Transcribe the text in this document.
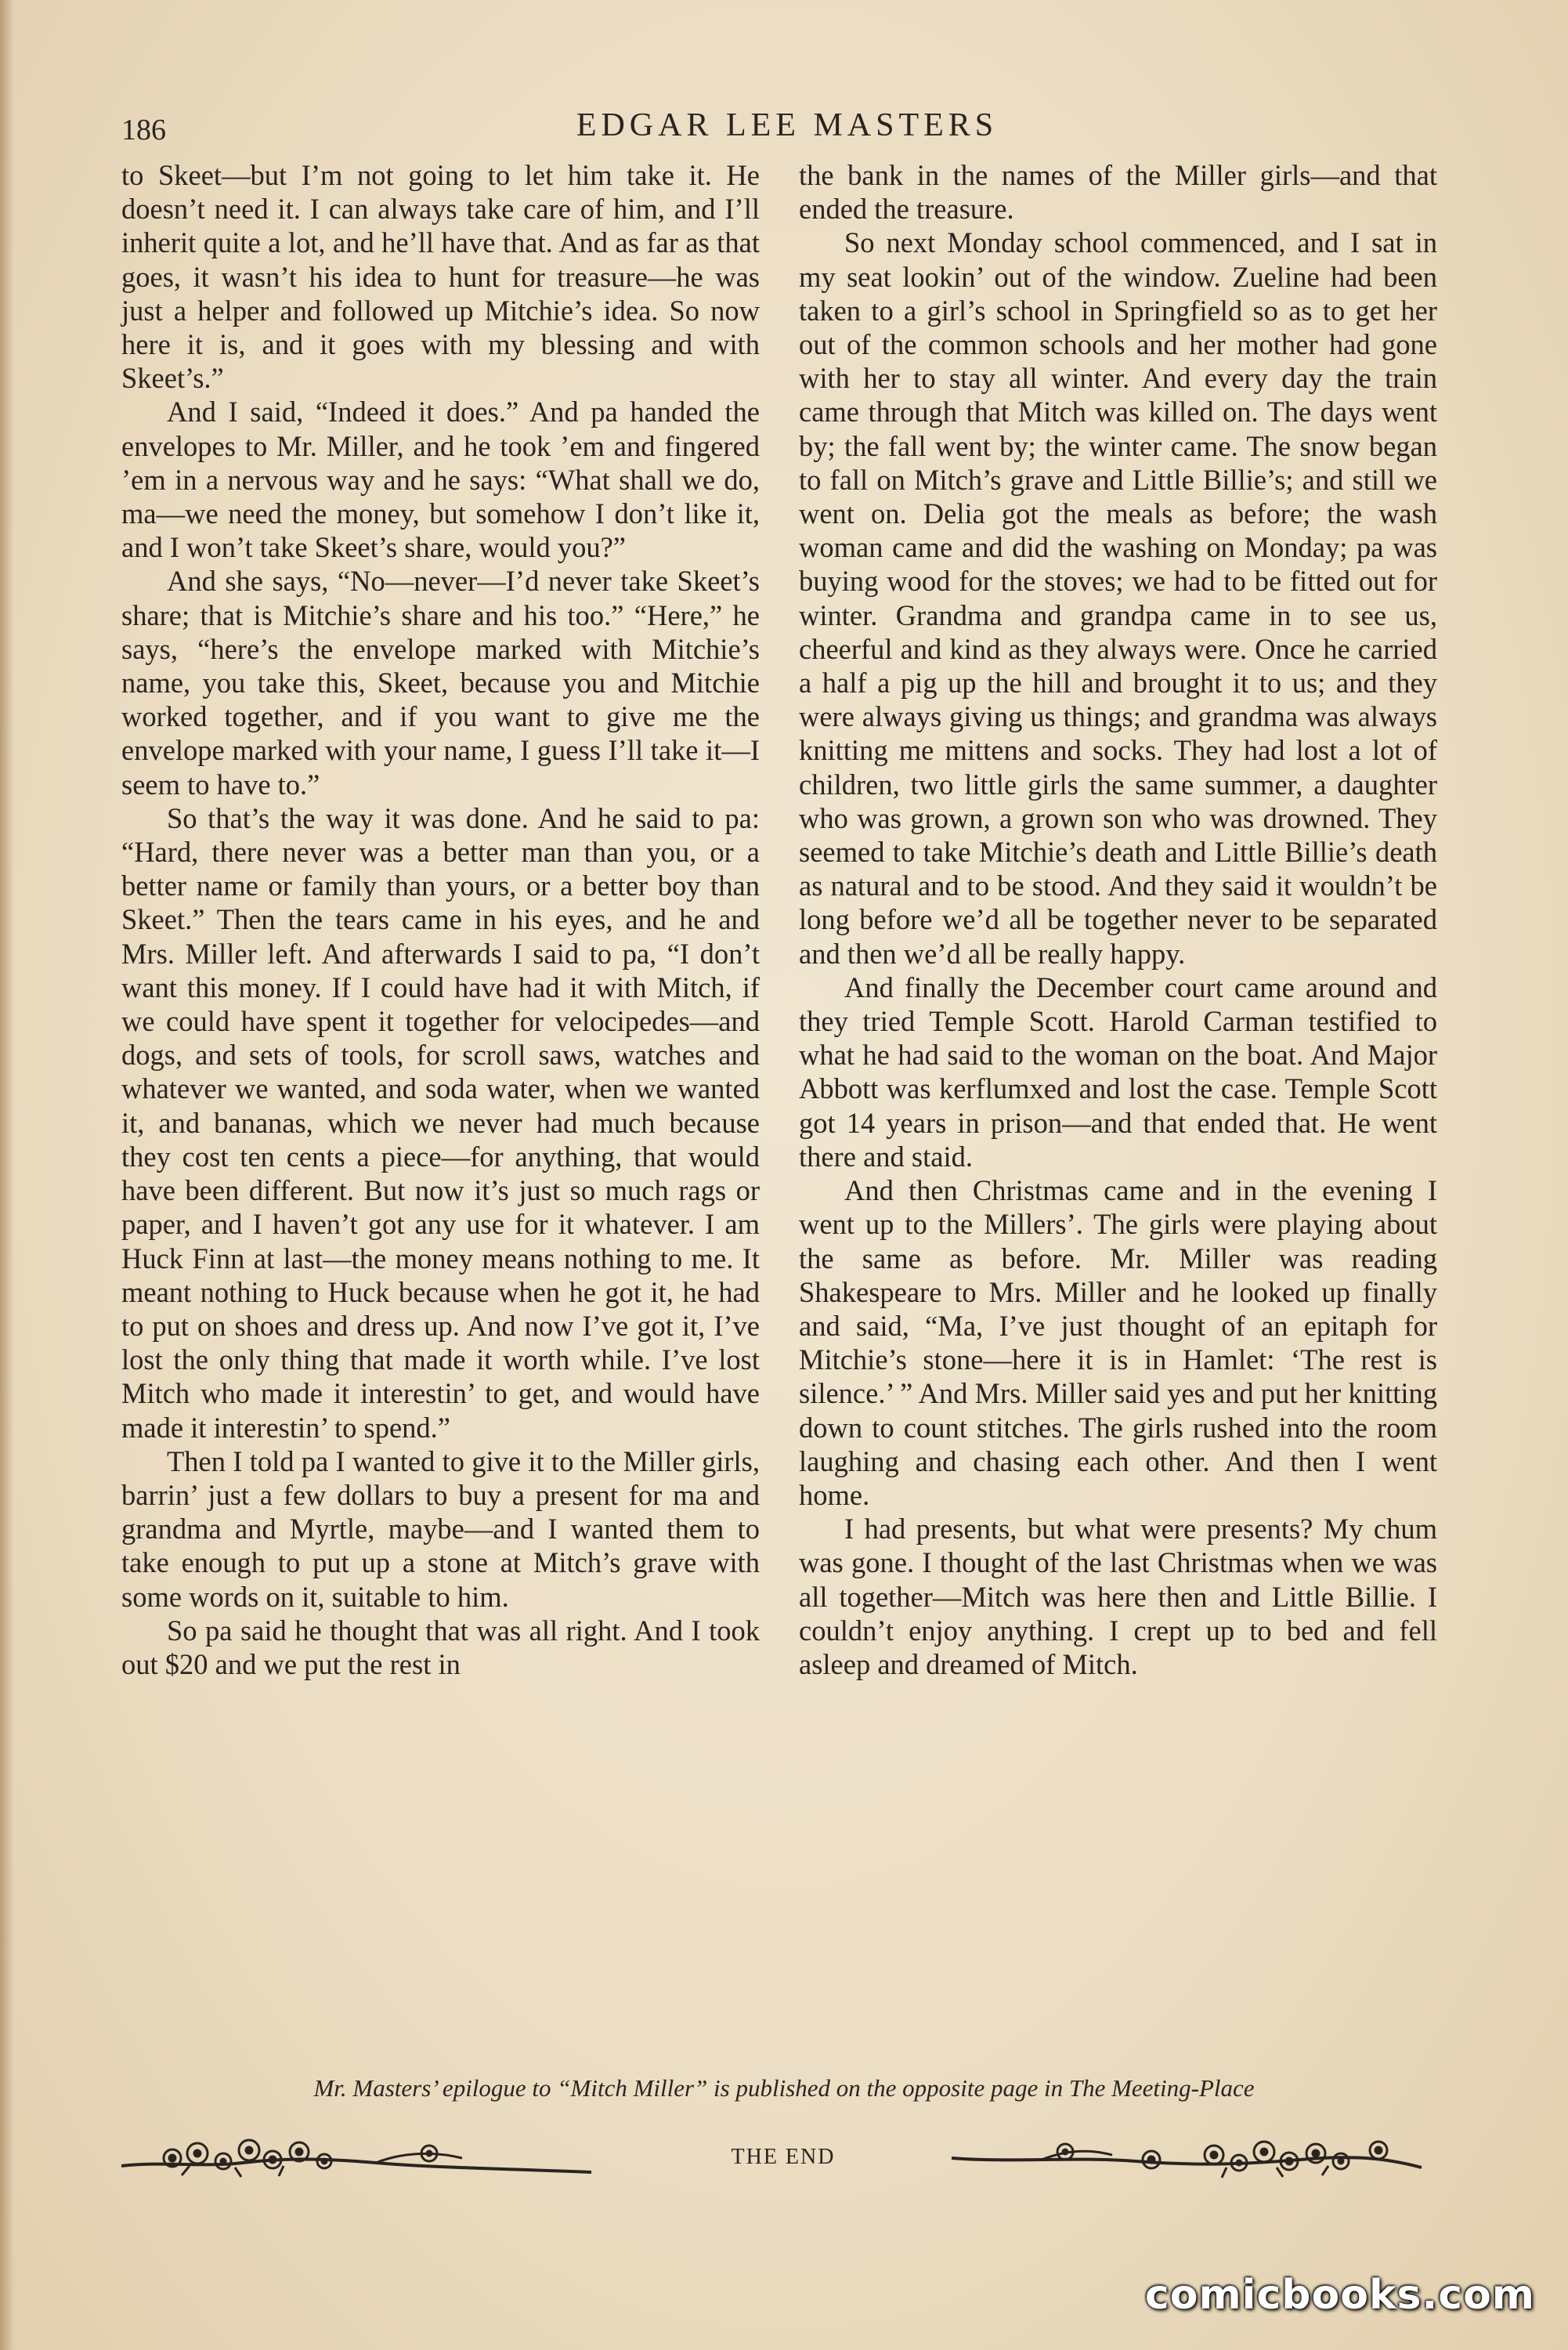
186	EDGAR LEE MASTERS

to Skeet—but I’m not going to let him take it. He doesn’t need it. I can always take care of him, and I’ll inherit quite a lot, and he’ll have that. And as far as that goes, it wasn’t his idea to hunt for treasure—he was just a helper and followed up Mitchie’s idea. So now here it is, and it goes with my blessing and with Skeet’s.”

And I said, “Indeed it does.” And pa handed the envelopes to Mr. Miller, and he took ’em and fingered ’em in a nervous way and he says: “What shall we do, ma—we need the money, but somehow I don’t like it, and I won’t take Skeet’s share, would you?”

And she says, “No—never—I’d never take Skeet’s share; that is Mitchie’s share and his too.” “Here,” he says, “here’s the envelope marked with Mitchie’s name, you take this, Skeet, because you and Mitchie worked together, and if you want to give me the envelope marked with your name, I guess I’ll take it—I seem to have to.”

So that’s the way it was done. And he said to pa: “Hard, there never was a better man than you, or a better name or family than yours, or a better boy than Skeet.” Then the tears came in his eyes, and he and Mrs. Miller left. And afterwards I said to pa, “I don’t want this money. If I could have had it with Mitch, if we could have spent it together for velocipedes—and dogs, and sets of tools, for scroll saws, watches and whatever we wanted, and soda water, when we wanted it, and bananas, which we never had much because they cost ten cents a piece—for anything, that would have been different. But now it’s just so much rags or paper, and I haven’t got any use for it whatever. I am Huck Finn at last—the money means nothing to me. It meant nothing to Huck because when he got it, he had to put on shoes and dress up. And now I’ve got it, I’ve lost the only thing that made it worth while. I’ve lost Mitch who made it interestin’ to get, and would have made it interestin’ to spend.”

Then I told pa I wanted to give it to the Miller girls, barrin’ just a few dollars to buy a present for ma and grandma and Myrtle, maybe—and I wanted them to take enough to put up a stone at Mitch’s grave with some words on it, suitable to him.

So pa said he thought that was all right. And I took out $20 and we put the rest in

the bank in the names of the Miller girls—and that ended the treasure.

So next Monday school commenced, and I sat in my seat lookin’ out of the window. Zueline had been taken to a girl’s school in Springfield so as to get her out of the common schools and her mother had gone with her to stay all winter. And every day the train came through that Mitch was killed on. The days went by; the fall went by; the winter came. The snow began to fall on Mitch’s grave and Little Billie’s; and still we went on. Delia got the meals as before; the wash woman came and did the washing on Monday; pa was buying wood for the stoves; we had to be fitted out for winter. Grandma and grandpa came in to see us, cheerful and kind as they always were. Once he carried a half a pig up the hill and brought it to us; and they were always giving us things; and grandma was always knitting me mittens and socks. They had lost a lot of children, two little girls the same summer, a daughter who was grown, a grown son who was drowned. They seemed to take Mitchie’s death and Little Billie’s death as natural and to be stood. And they said it wouldn’t be long before we’d all be together never to be separated and then we’d all be really happy.

And finally the December court came around and they tried Temple Scott. Harold Carman testified to what he had said to the woman on the boat. And Major Abbott was kerflumxed and lost the case. Temple Scott got 14 years in prison—and that ended that. He went there and staid.

And then Christmas came and in the evening I went up to the Millers’. The girls were playing about the same as before. Mr. Miller was reading Shakespeare to Mrs. Miller and he looked up finally and said, “Ma, I’ve just thought of an epitaph for Mitchie’s stone—here it is in Hamlet: ‘The rest is silence.’ ” And Mrs. Miller said yes and put her knitting down to count stitches. The girls rushed into the room laughing and chasing each other. And then I went home.

I had presents, but what were presents? My chum was gone. I thought of the last Christmas when we was all together—Mitch was here then and Little Billie. I couldn’t enjoy anything. I crept up to bed and fell asleep and dreamed of Mitch.

Mr. Masters’ epilogue to “Mitch Miller” is published on the opposite page in The Meeting-Place
THE END
comicbooks.com
